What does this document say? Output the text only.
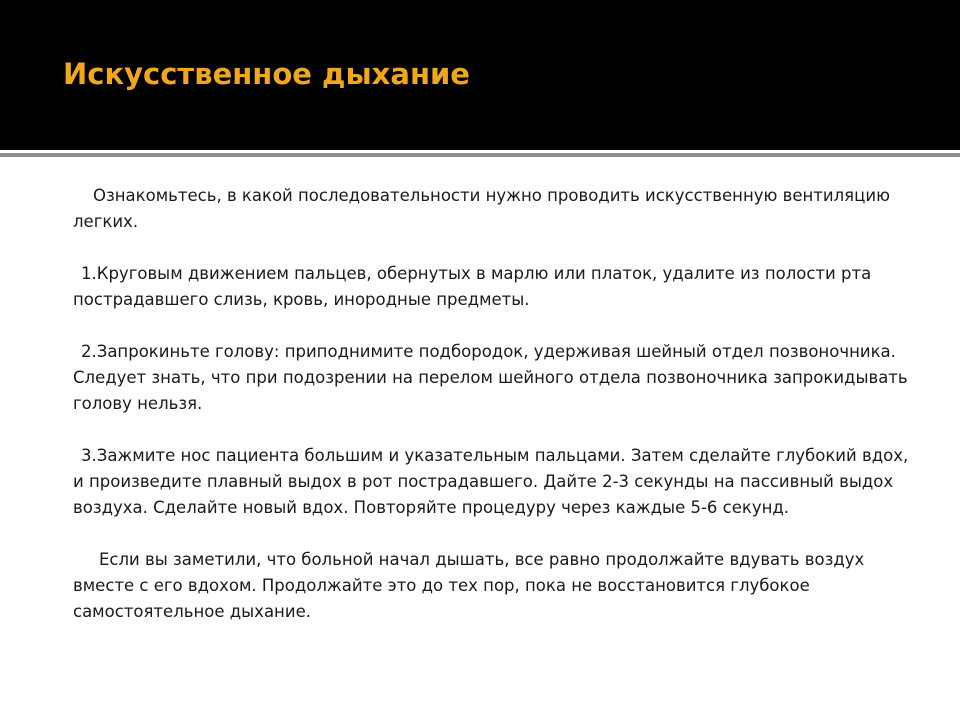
Искусственное дыхание

Ознакомьтесь, в какой последовательности нужно проводить искусственную вентиляцию легких.

1.Круговым движением пальцев, обернутых в марлю или платок, удалите из полости рта пострадавшего слизь, кровь, инородные предметы.

2.Запрокиньте голову: приподнимите подбородок, удерживая шейный отдел позвоночника. Следует знать, что при подозрении на перелом шейного отдела позвоночника запрокидывать голову нельзя.

3.Зажмите нос пациента большим и указательным пальцами. Затем сделайте глубокий вдох, и произведите плавный выдох в рот пострадавшего. Дайте 2-3 секунды на пассивный выдох воздуха. Сделайте новый вдох. Повторяйте процедуру через каждые 5-6 секунд.

Если вы заметили, что больной начал дышать, все равно продолжайте вдувать воздух вместе с его вдохом. Продолжайте это до тех пор, пока не восстановится глубокое самостоятельное дыхание.
